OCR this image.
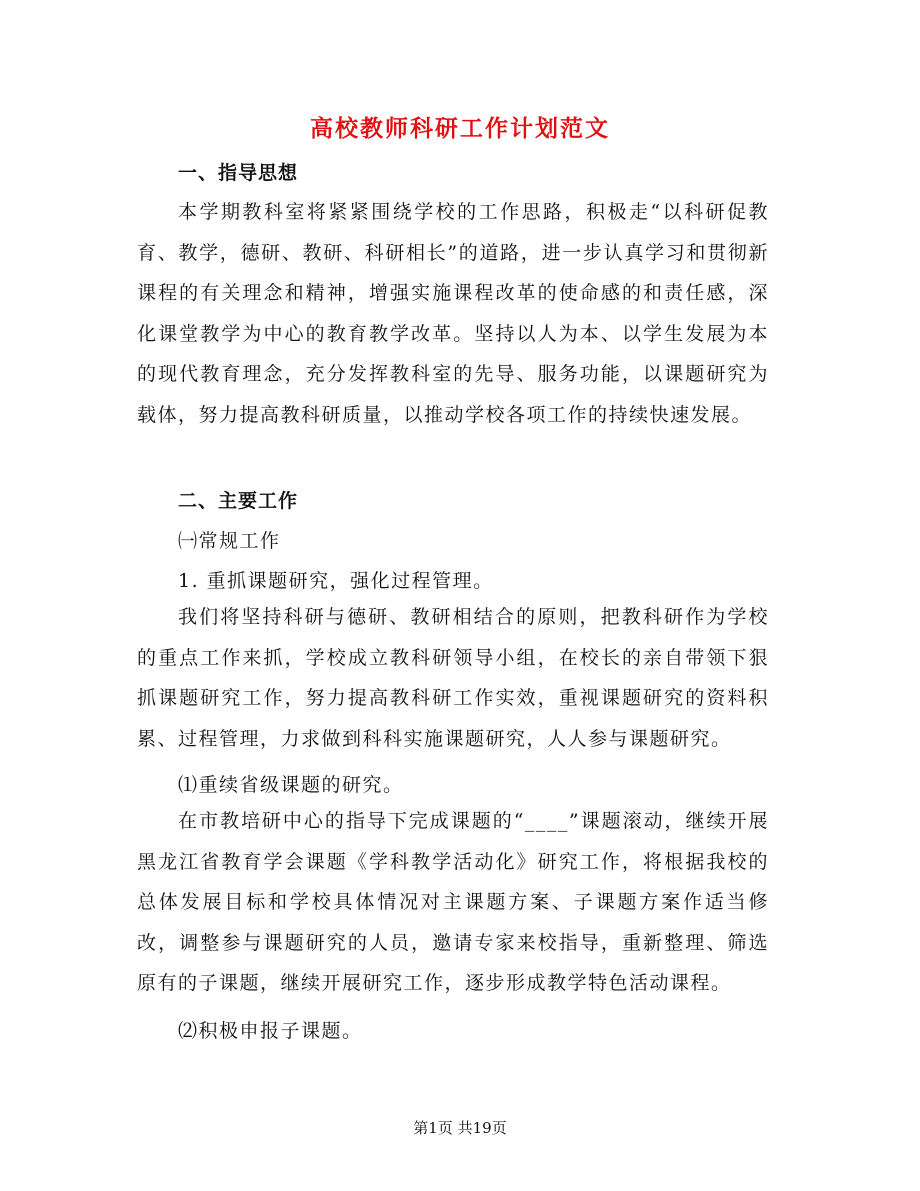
高校教师科研工作计划范文
一、指导思想
本学期教科室将紧紧围绕学校的工作思路，积极走“以科研促教育、教学，德研、教研、科研相长”的道路，进一步认真学习和贯彻新课程的有关理念和精神，增强实施课程改革的使命感的和责任感，深化课堂教学为中心的教育教学改革。坚持以人为本、以学生发展为本的现代教育理念，充分发挥教科室的先导、服务功能，以课题研究为载体，努力提高教科研质量，以推动学校各项工作的持续快速发展。
二、主要工作
㈠常规工作
1. 重抓课题研究，强化过程管理。
我们将坚持科研与德研、教研相结合的原则，把教科研作为学校的重点工作来抓，学校成立教科研领导小组，在校长的亲自带领下狠抓课题研究工作，努力提高教科研工作实效，重视课题研究的资料积累、过程管理，力求做到科科实施课题研究，人人参与课题研究。
⑴重续省级课题的研究。
在市教培研中心的指导下完成课题的“____”课题滚动，继续开展黑龙江省教育学会课题《学科教学活动化》研究工作，将根据我校的总体发展目标和学校具体情况对主课题方案、子课题方案作适当修改，调整参与课题研究的人员，邀请专家来校指导，重新整理、筛选原有的子课题，继续开展研究工作，逐步形成教学特色活动课程。
⑵积极申报子课题。
第1页 共19页
